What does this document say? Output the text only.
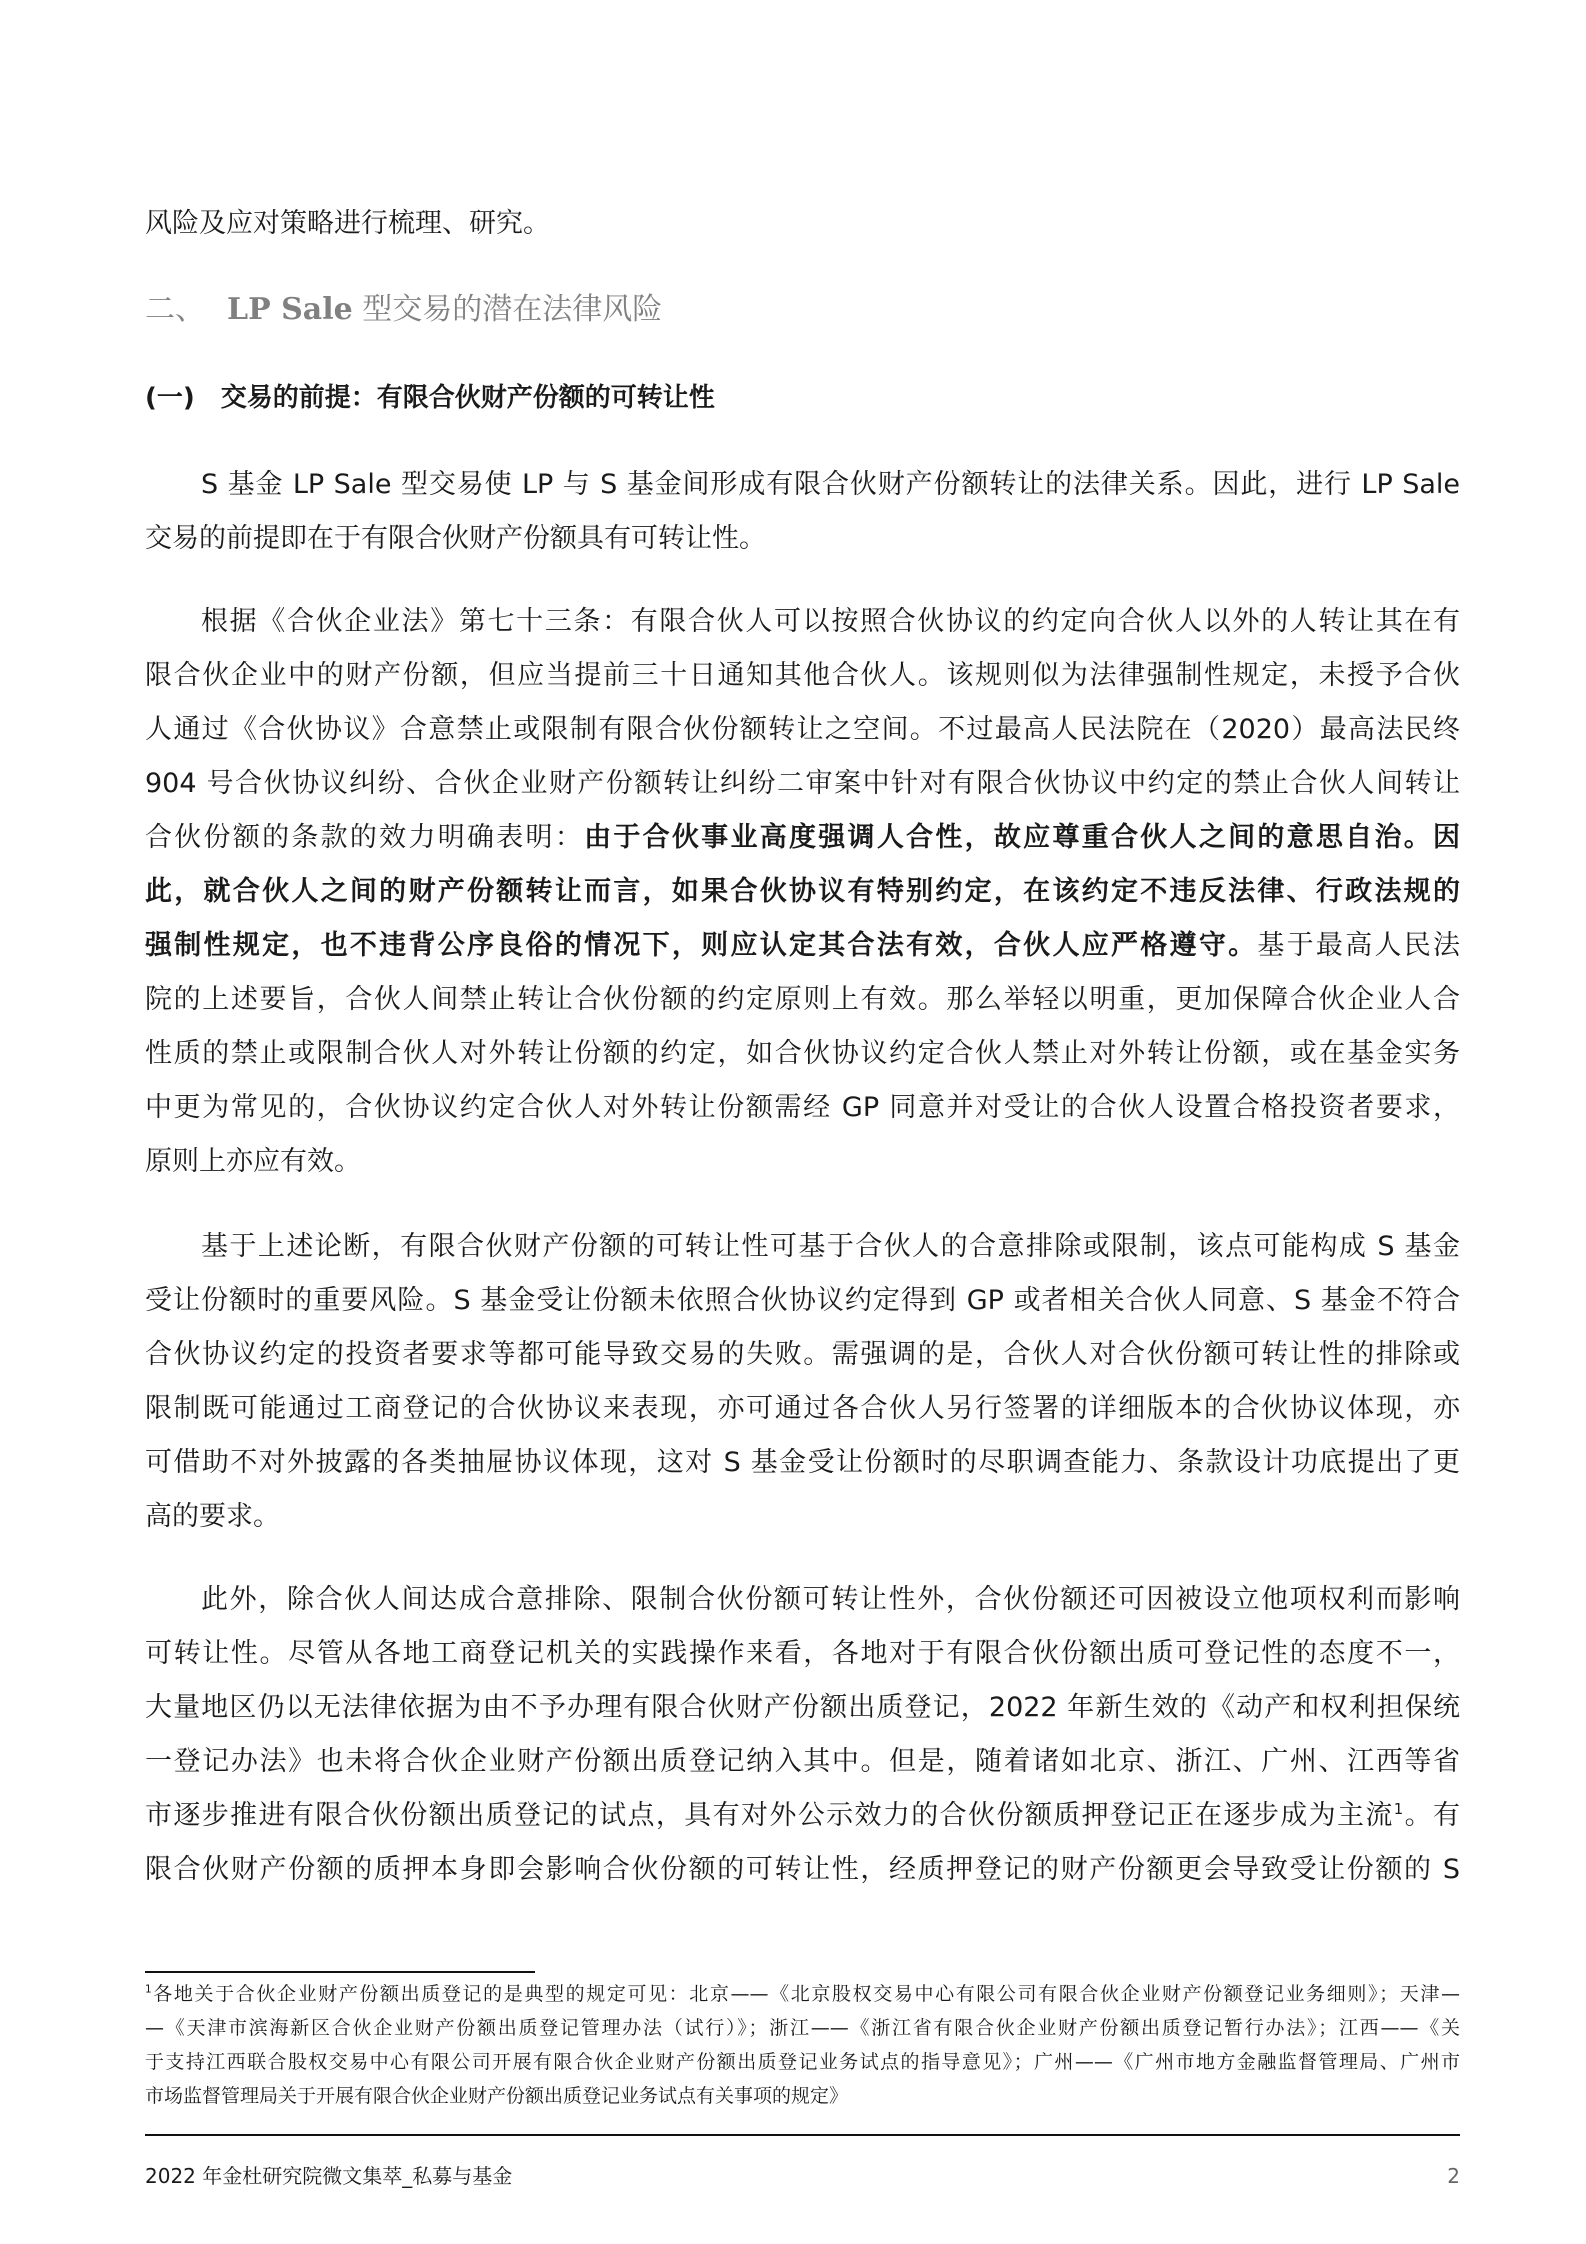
风险及应对策略进行梳理、研究。
二、 LP Sale 型交易的潜在法律风险
(一) 交易的前提：有限合伙财产份额的可转让性
S 基金 LP Sale 型交易使 LP 与 S 基金间形成有限合伙财产份额转让的法律关系。因此，进行 LP Sale
交易的前提即在于有限合伙财产份额具有可转让性。
根据《合伙企业法》第七十三条：有限合伙人可以按照合伙协议的约定向合伙人以外的人转让其在有
限合伙企业中的财产份额，但应当提前三十日通知其他合伙人。该规则似为法律强制性规定，未授予合伙
人通过《合伙协议》合意禁止或限制有限合伙份额转让之空间。不过最高人民法院在（2020）最高法民终
904 号合伙协议纠纷、合伙企业财产份额转让纠纷二审案中针对有限合伙协议中约定的禁止合伙人间转让
合伙份额的条款的效力明确表明：由于合伙事业高度强调人合性，故应尊重合伙人之间的意思自治。因
此，就合伙人之间的财产份额转让而言，如果合伙协议有特别约定，在该约定不违反法律、行政法规的
强制性规定，也不违背公序良俗的情况下，则应认定其合法有效，合伙人应严格遵守。基于最高人民法
院的上述要旨，合伙人间禁止转让合伙份额的约定原则上有效。那么举轻以明重，更加保障合伙企业人合
性质的禁止或限制合伙人对外转让份额的约定，如合伙协议约定合伙人禁止对外转让份额，或在基金实务
中更为常见的，合伙协议约定合伙人对外转让份额需经 GP 同意并对受让的合伙人设置合格投资者要求，
原则上亦应有效。
基于上述论断，有限合伙财产份额的可转让性可基于合伙人的合意排除或限制，该点可能构成 S 基金
受让份额时的重要风险。S 基金受让份额未依照合伙协议约定得到 GP 或者相关合伙人同意、S 基金不符合
合伙协议约定的投资者要求等都可能导致交易的失败。需强调的是，合伙人对合伙份额可转让性的排除或
限制既可能通过工商登记的合伙协议来表现，亦可通过各合伙人另行签署的详细版本的合伙协议体现，亦
可借助不对外披露的各类抽屉协议体现，这对 S 基金受让份额时的尽职调查能力、条款设计功底提出了更
高的要求。
此外，除合伙人间达成合意排除、限制合伙份额可转让性外，合伙份额还可因被设立他项权利而影响
可转让性。尽管从各地工商登记机关的实践操作来看，各地对于有限合伙份额出质可登记性的态度不一，
大量地区仍以无法律依据为由不予办理有限合伙财产份额出质登记，2022 年新生效的《动产和权利担保统
一登记办法》也未将合伙企业财产份额出质登记纳入其中。但是，随着诸如北京、浙江、广州、江西等省
市逐步推进有限合伙份额出质登记的试点，具有对外公示效力的合伙份额质押登记正在逐步成为主流$^1$。有
限合伙财产份额的质押本身即会影响合伙份额的可转让性，经质押登记的财产份额更会导致受让份额的 S
$^1$各地关于合伙企业财产份额出质登记的是典型的规定可见：北京——《北京股权交易中心有限公司有限合伙企业财产份额登记业务细则》；天津—
—《天津市滨海新区合伙企业财产份额出质登记管理办法（试行）》；浙江——《浙江省有限合伙企业财产份额出质登记暂行办法》；江西——《关
于支持江西联合股权交易中心有限公司开展有限合伙企业财产份额出质登记业务试点的指导意见》；广州——《广州市地方金融监督管理局、广州市
市场监督管理局关于开展有限合伙企业财产份额出质登记业务试点有关事项的规定》
2022 年金杜研究院微文集萃_私募与基金	2
